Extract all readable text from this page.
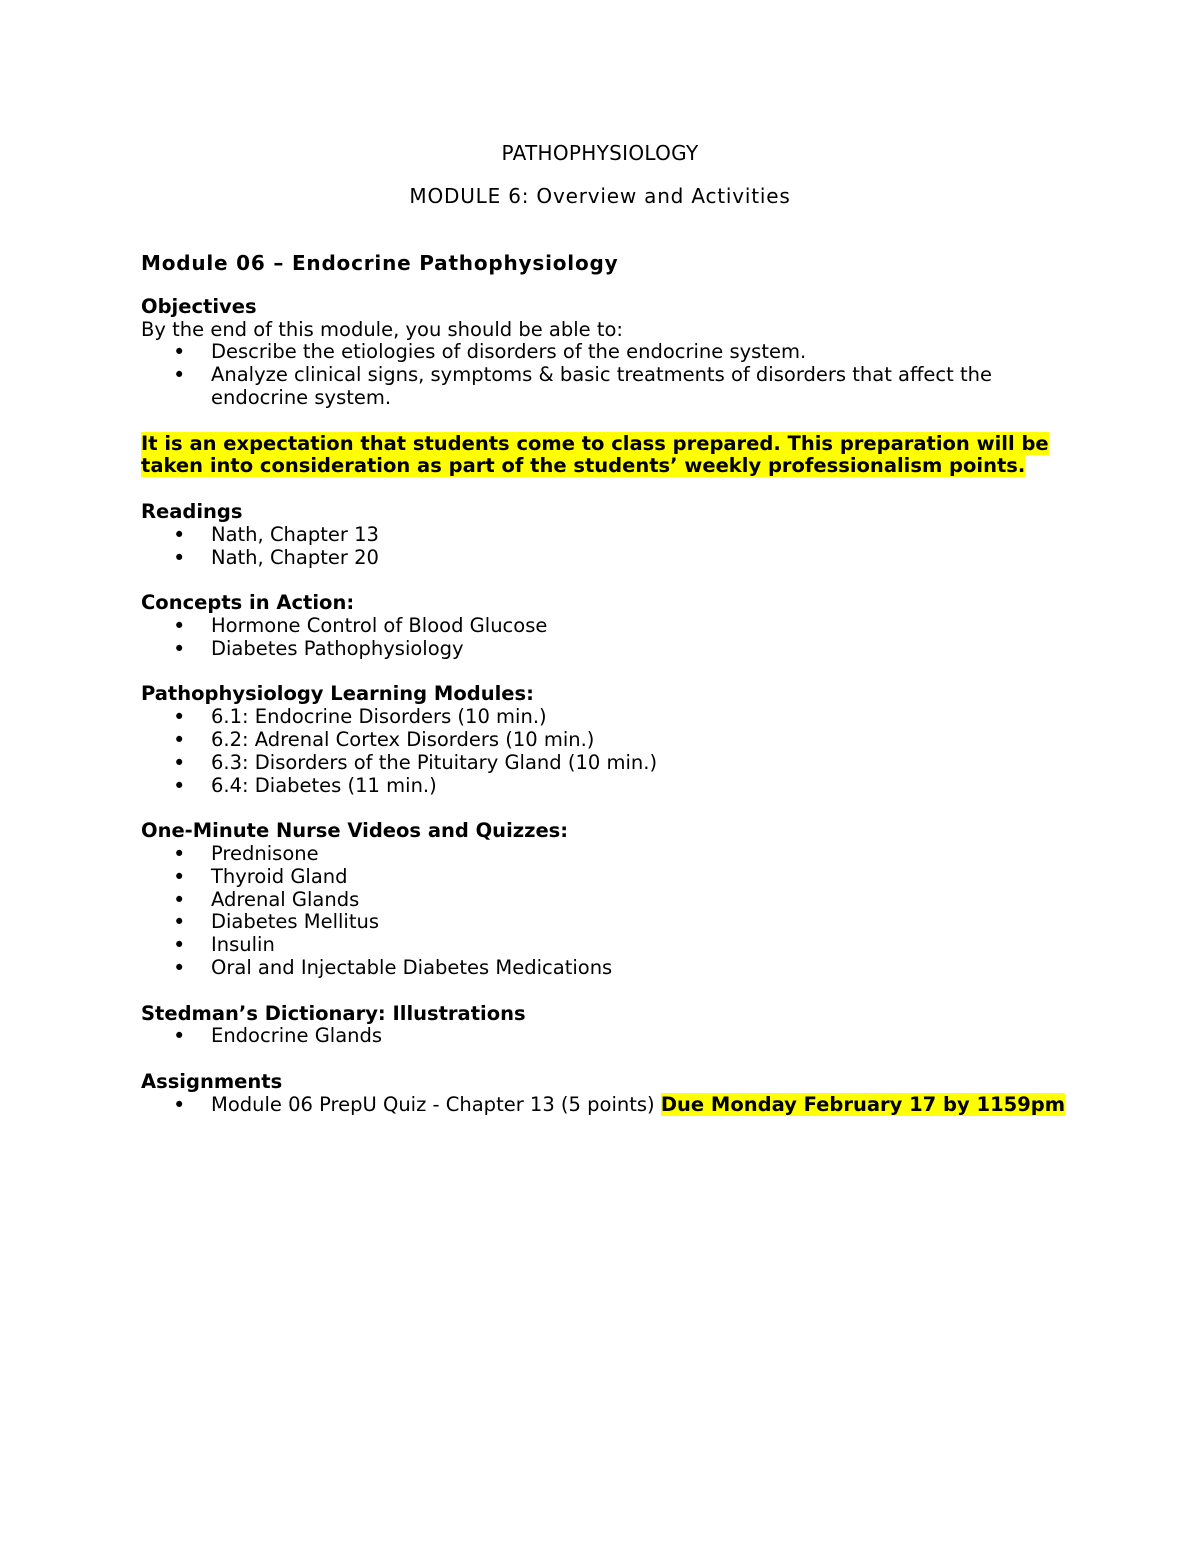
PATHOPHYSIOLOGY
MODULE 6: Overview and Activities

Module 06 – Endocrine Pathophysiology

Objectives

By the end of this module, you should be able to:

• Describe the etiologies of disorders of the endocrine system.
• Analyze clinical signs, symptoms & basic treatments of disorders that affect the endocrine system.

It is an expectation that students come to class prepared. This preparation will be taken into consideration as part of the students’ weekly professionalism points.

Readings

• Nath, Chapter 13
• Nath, Chapter 20

Concepts in Action:

• Hormone Control of Blood Glucose
• Diabetes Pathophysiology

Pathophysiology Learning Modules:

• 6.1: Endocrine Disorders (10 min.)
• 6.2: Adrenal Cortex Disorders (10 min.)
• 6.3: Disorders of the Pituitary Gland (10 min.)
• 6.4: Diabetes (11 min.)

One-Minute Nurse Videos and Quizzes:

• Prednisone
• Thyroid Gland
• Adrenal Glands
• Diabetes Mellitus
• Insulin
• Oral and Injectable Diabetes Medications

Stedman’s Dictionary: Illustrations

• Endocrine Glands

Assignments

• Module 06 PrepU Quiz - Chapter 13 (5 points) Due Monday February 17 by 1159pm
